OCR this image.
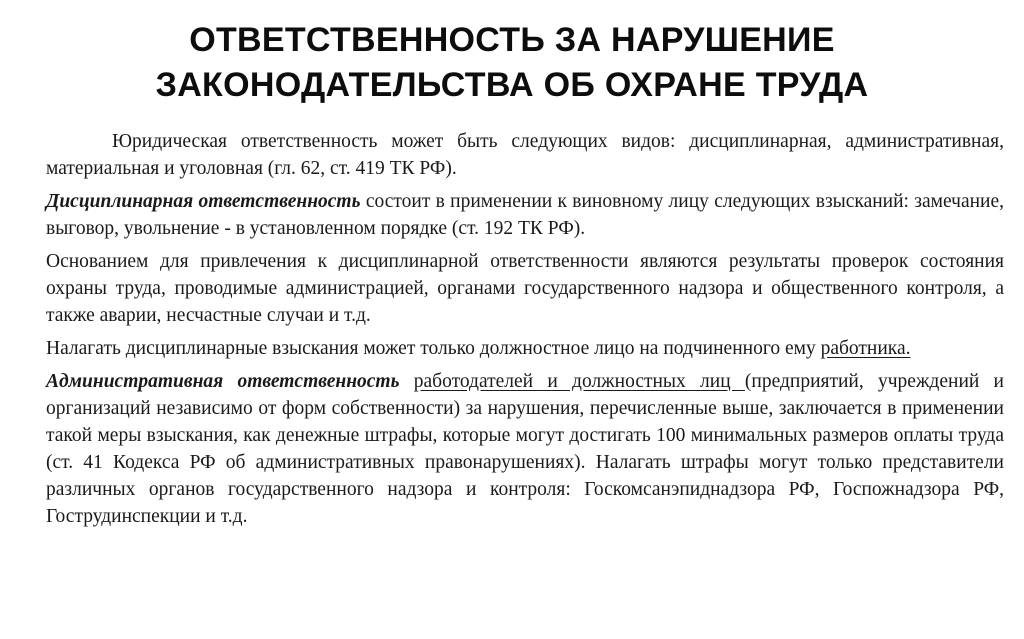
ОТВЕТСТВЕННОСТЬ ЗА НАРУШЕНИЕ
ЗАКОНОДАТЕЛЬСТВА ОБ ОХРАНЕ ТРУДА

Юридическая ответственность может быть следующих видов: дисциплинарная, административная, материальная и уголовная (гл. 62, ст. 419 ТК РФ).

Дисциплинарная ответственность состоит в применении к виновному лицу следующих взысканий: замечание, выговор, увольнение - в установленном порядке (ст. 192 ТК РФ).

Основанием для привлечения к дисциплинарной ответственности являются результаты проверок состояния охраны труда, проводимые администрацией, органами государственного надзора и общественного контроля, а также аварии, несчастные случаи и т.д.

Налагать дисциплинарные взыскания может только должностное лицо на подчиненного ему работника.

Административная ответственность работодателей и должностных лиц (предприятий, учреждений и организаций независимо от форм собственности) за нарушения, перечисленные выше, заключается в применении такой меры взыскания, как денежные штрафы, которые могут достигать 100 минимальных размеров оплаты труда (ст. 41 Кодекса РФ об административных правонарушениях). Налагать штрафы могут только представители различных органов государственного надзора и контроля: Госкомсанэпиднадзора РФ, Госпожнадзора РФ, Гострудинспекции и т.д.
